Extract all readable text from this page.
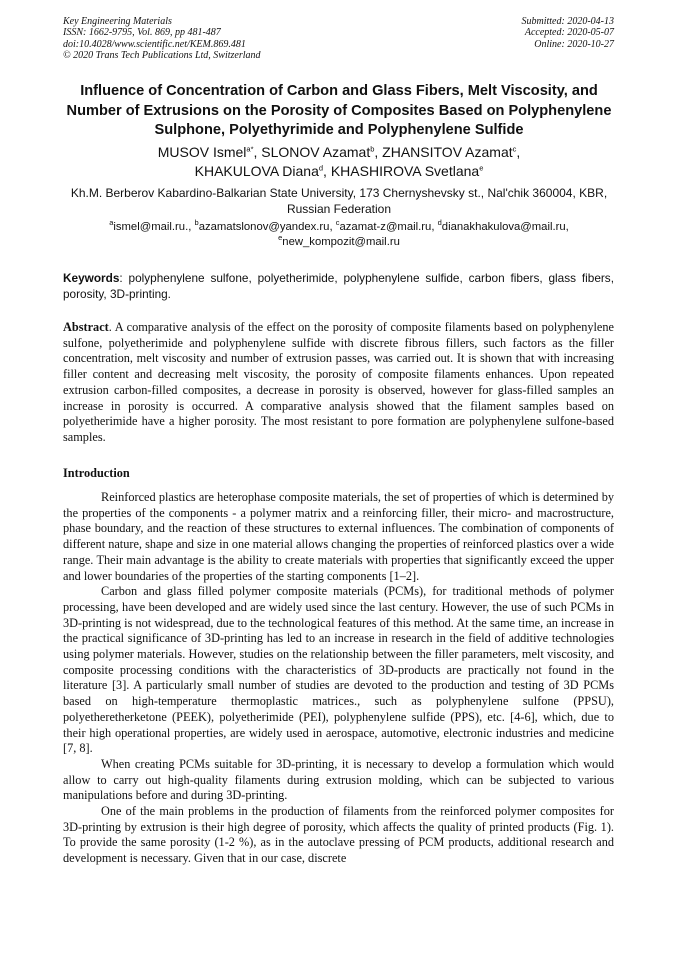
Key Engineering Materials
ISSN: 1662-9795, Vol. 869, pp 481-487
doi:10.4028/www.scientific.net/KEM.869.481
© 2020 Trans Tech Publications Ltd, Switzerland
Submitted: 2020-04-13
Accepted: 2020-05-07
Online: 2020-10-27
Influence of Concentration of Carbon and Glass Fibers, Melt Viscosity, and Number of Extrusions on the Porosity of Composites Based on Polyphenylene Sulphone, Polyethyrimide and Polyphenylene Sulfide
MUSOV Ismel$^{a*}$, SLONOV Azamat$^b$, ZHANSITOV Azamat$^c$,
KHAKULOVA Diana$^d$, KHASHIROVA Svetlana$^e$
Kh.M. Berberov Kabardino-Balkarian State University, 173 Chernyshevsky st., Nal'chik 360004, KBR, Russian Federation
$^a$ismel@mail.ru., $^b$azamatslonov@yandex.ru, $^c$azamat-z@mail.ru, $^d$dianakhakulova@mail.ru,
$^e$new_kompozit@mail.ru
Keywords: polyphenylene sulfone, polyetherimide, polyphenylene sulfide, carbon fibers, glass fibers, porosity, 3D-printing.
Abstract. A comparative analysis of the effect on the porosity of composite filaments based on polyphenylene sulfone, polyetherimide and polyphenylene sulfide with discrete fibrous fillers, such factors as the filler concentration, melt viscosity and number of extrusion passes, was carried out. It is shown that with increasing filler content and decreasing melt viscosity, the porosity of composite filaments enhances. Upon repeated extrusion carbon-filled composites, a decrease in porosity is observed, however for glass-filled samples an increase in porosity is occurred. A comparative analysis showed that the filament samples based on polyetherimide have a higher porosity. The most resistant to pore formation are polyphenylene sulfone-based samples.
Introduction

Reinforced plastics are heterophase composite materials, the set of properties of which is determined by the properties of the components - a polymer matrix and a reinforcing filler, their micro- and macrostructure, phase boundary, and the reaction of these structures to external influences. The combination of components of different nature, shape and size in one material allows changing the properties of reinforced plastics over a wide range. Their main advantage is the ability to create materials with properties that significantly exceed the upper and lower boundaries of the properties of the starting components [1–2].

Carbon and glass filled polymer composite materials (PCMs), for traditional methods of polymer processing, have been developed and are widely used since the last century. However, the use of such PCMs in 3D-printing is not widespread, due to the technological features of this method. At the same time, an increase in the practical significance of 3D-printing has led to an increase in research in the field of additive technologies using polymer materials. However, studies on the relationship between the filler parameters, melt viscosity, and composite processing conditions with the characteristics of 3D-products are practically not found in the literature [3]. A particularly small number of studies are devoted to the production and testing of 3D PCMs based on high-temperature thermoplastic matrices., such as polyphenylene sulfone (PPSU), polyetheretherketone (PEEK), polyetherimide (PEI), polyphenylene sulfide (PPS), etc. [4-6], which, due to their high operational properties, are widely used in aerospace, automotive, electronic industries and medicine [7, 8].

When creating PCMs suitable for 3D-printing, it is necessary to develop a formulation which would allow to carry out high-quality filaments during extrusion molding, which can be subjected to various manipulations before and during 3D-printing.

One of the main problems in the production of filaments from the reinforced polymer composites for 3D-printing by extrusion is their high degree of porosity, which affects the quality of printed products (Fig. 1). To provide the same porosity (1-2 %), as in the autoclave pressing of PCM products, additional research and development is necessary. Given that in our case, discrete
